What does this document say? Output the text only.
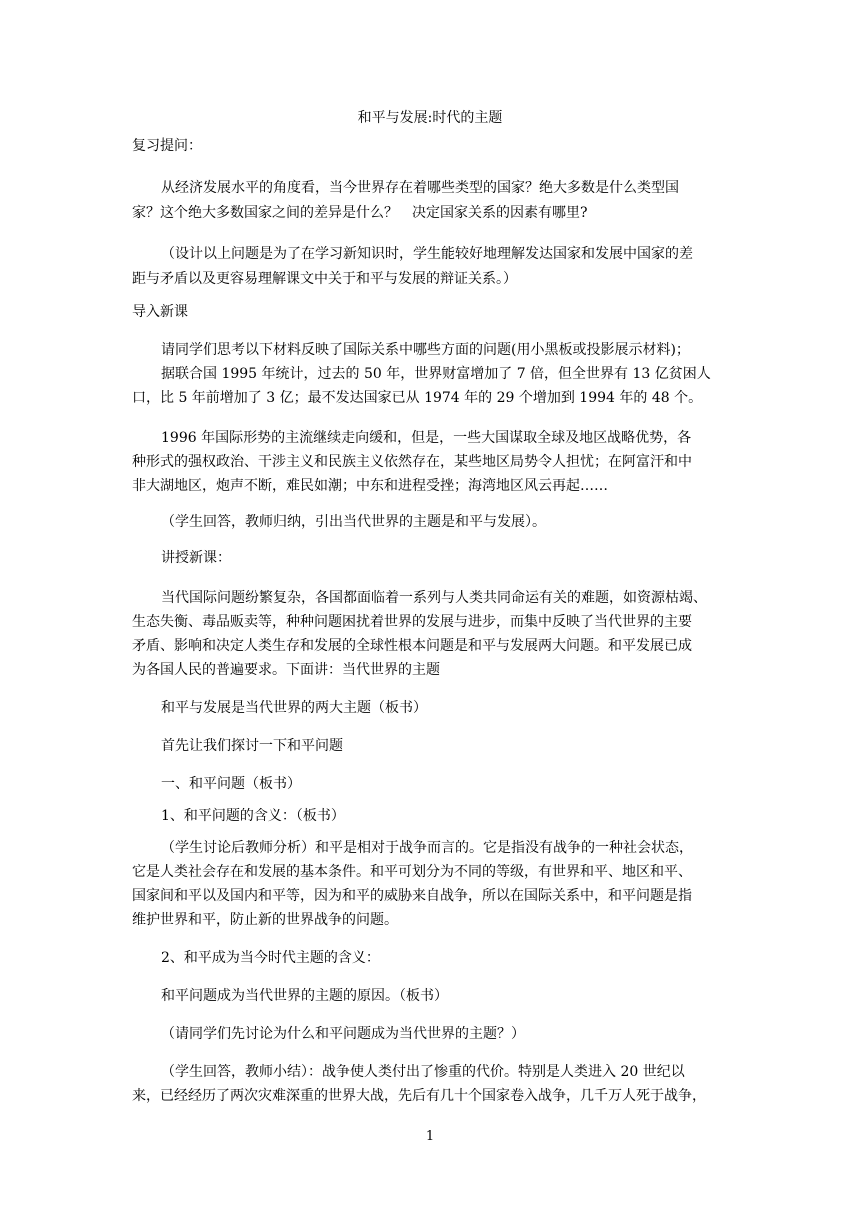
和平与发展:时代的主题
复习提问：
从经济发展水平的角度看，当今世界存在着哪些类型的国家？绝大多数是什么类型国
家？这个绝大多数国家之间的差异是什么？　决定国家关系的因素有哪里?
（设计以上问题是为了在学习新知识时，学生能较好地理解发达国家和发展中国家的差
距与矛盾以及更容易理解课文中关于和平与发展的辩证关系。）
导入新课
请同学们思考以下材料反映了国际关系中哪些方面的问题(用小黑板或投影展示材料)；
据联合国 1995 年统计，过去的 50 年，世界财富增加了 7 倍，但全世界有 13 亿贫困人
口，比 5 年前增加了 3 亿；最不发达国家已从 1974 年的 29 个增加到 1994 年的 48 个。
1996 年国际形势的主流继续走向缓和，但是，一些大国谋取全球及地区战略优势，各
种形式的强权政治、干涉主义和民族主义依然存在，某些地区局势令人担忧；在阿富汗和中
非大湖地区，炮声不断，难民如潮；中东和进程受挫；海湾地区风云再起……
（学生回答，教师归纳，引出当代世界的主题是和平与发展）。
讲授新课：
当代国际问题纷繁复杂，各国都面临着一系列与人类共同命运有关的难题，如资源枯竭、
生态失衡、毒品贩卖等，种种问题困扰着世界的发展与进步，而集中反映了当代世界的主要
矛盾、影响和决定人类生存和发展的全球性根本问题是和平与发展两大问题。和平发展已成
为各国人民的普遍要求。下面讲：当代世界的主题
和平与发展是当代世界的两大主题（板书）
首先让我们探讨一下和平问题
一、和平问题（板书）
1、和平问题的含义：（板书）
（学生讨论后教师分析）和平是相对于战争而言的。它是指没有战争的一种社会状态，
它是人类社会存在和发展的基本条件。和平可划分为不同的等级，有世界和平、地区和平、
国家间和平以及国内和平等，因为和平的威胁来自战争，所以在国际关系中，和平问题是指
维护世界和平，防止新的世界战争的问题。
2、和平成为当今时代主题的含义：
和平问题成为当代世界的主题的原因。（板书）
（请同学们先讨论为什么和平问题成为当代世界的主题？）
（学生回答，教师小结）：战争使人类付出了惨重的代价。特别是人类进入 20 世纪以
来，已经经历了两次灾难深重的世界大战，先后有几十个国家卷入战争，几千万人死于战争，
1
